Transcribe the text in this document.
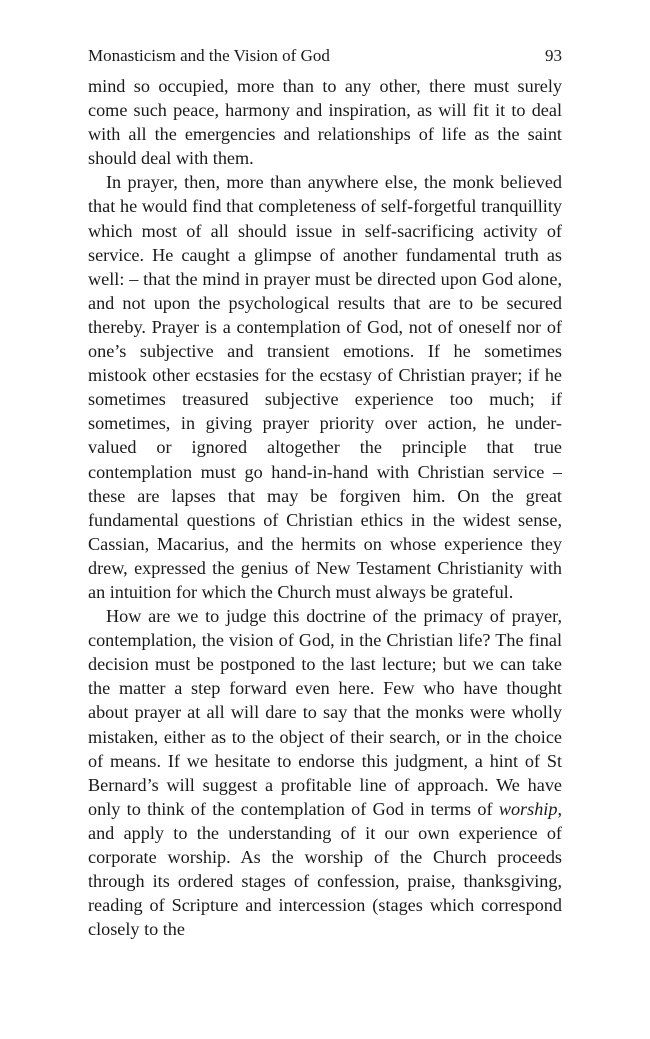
Monasticism and the Vision of God	93

mind so occupied, more than to any other, there must surely come such peace, harmony and inspiration, as will fit it to deal with all the emergencies and relationships of life as the saint should deal with them.

In prayer, then, more than anywhere else, the monk believed that he would find that completeness of self-forgetful tranquillity which most of all should issue in self-sacrificing activity of service. He caught a glimpse of another fundamental truth as well: – that the mind in prayer must be directed upon God alone, and not upon the psychological results that are to be secured thereby. Prayer is a contemplation of God, not of oneself nor of one’s subjective and transient emotions. If he sometimes mistook other ecstasies for the ecstasy of Christian prayer; if he sometimes treasured subjective experience too much; if sometimes, in giving prayer priority over action, he under-valued or ignored altogether the principle that true contemplation must go hand-in-hand with Christian service – these are lapses that may be forgiven him. On the great fundamental questions of Christian ethics in the widest sense, Cassian, Macarius, and the hermits on whose experience they drew, expressed the genius of New Testament Christianity with an intuition for which the Church must always be grateful.

How are we to judge this doctrine of the primacy of prayer, contemplation, the vision of God, in the Christian life? The final decision must be postponed to the last lecture; but we can take the matter a step forward even here. Few who have thought about prayer at all will dare to say that the monks were wholly mistaken, either as to the object of their search, or in the choice of means. If we hesitate to endorse this judgment, a hint of St Bernard’s will suggest a profitable line of approach. We have only to think of the contemplation of God in terms of worship, and apply to the understanding of it our own experience of corporate worship. As the worship of the Church proceeds through its ordered stages of confession, praise, thanksgiving, reading of Scripture and intercession (stages which correspond closely to the
